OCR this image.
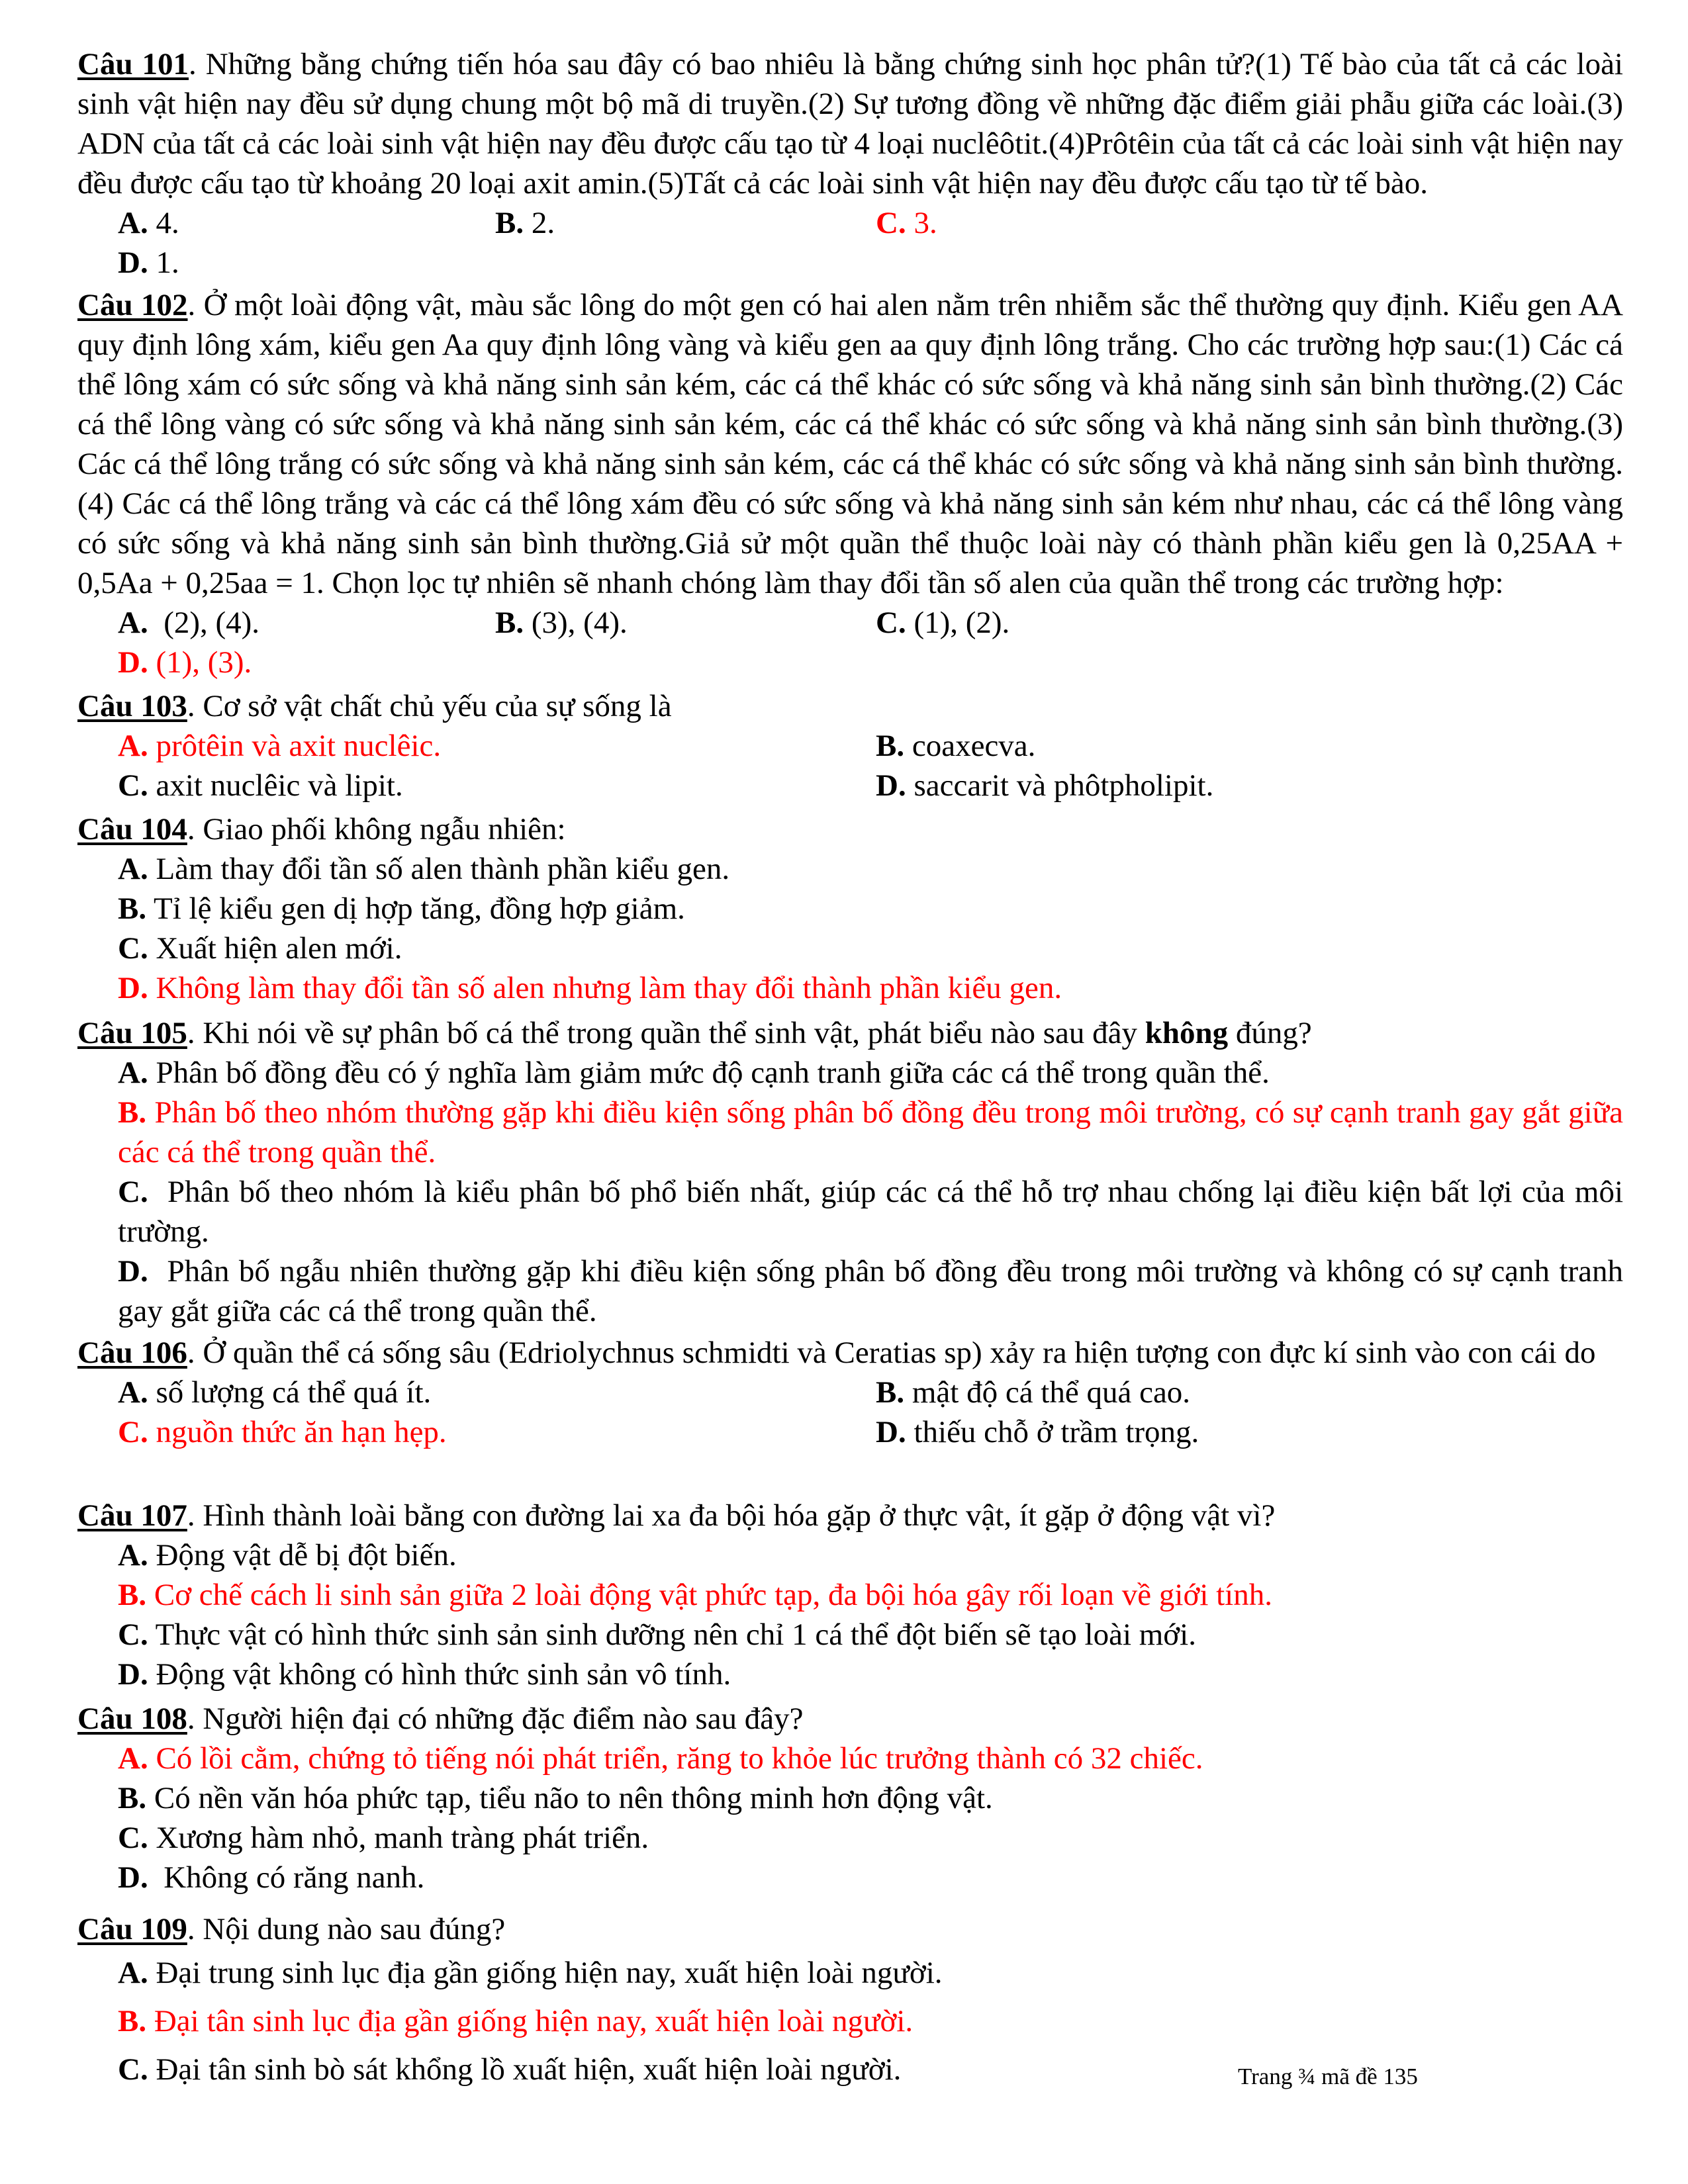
Câu 101. Những bằng chứng tiến hóa sau đây có bao nhiêu là bằng chứng sinh học phân tử?(1) Tế bào của tất cả các loài sinh vật hiện nay đều sử dụng chung một bộ mã di truyền.(2) Sự tương đồng về những đặc điểm giải phẫu giữa các loài.(3) ADN của tất cả các loài sinh vật hiện nay đều được cấu tạo từ 4 loại nuclêôtit.(4)Prôtêin của tất cả các loài sinh vật hiện nay đều được cấu tạo từ khoảng 20 loại axit amin.(5)Tất cả các loài sinh vật hiện nay đều được cấu tạo từ tế bào.
A. 4.	B. 2.	C. 3.
D. 1.
Câu 102. Ở một loài động vật, màu sắc lông do một gen có hai alen nằm trên nhiễm sắc thể thường quy định. Kiểu gen AA quy định lông xám, kiểu gen Aa quy định lông vàng và kiểu gen aa quy định lông trắng. Cho các trường hợp sau:(1) Các cá thể lông xám có sức sống và khả năng sinh sản kém, các cá thể khác có sức sống và khả năng sinh sản bình thường.(2) Các cá thể lông vàng có sức sống và khả năng sinh sản kém, các cá thể khác có sức sống và khả năng sinh sản bình thường.(3) Các cá thể lông trắng có sức sống và khả năng sinh sản kém, các cá thể khác có sức sống và khả năng sinh sản bình thường.(4) Các cá thể lông trắng và các cá thể lông xám đều có sức sống và khả năng sinh sản kém như nhau, các cá thể lông vàng có sức sống và khả năng sinh sản bình thường.Giả sử một quần thể thuộc loài này có thành phần kiểu gen là 0,25AA + 0,5Aa + 0,25aa = 1. Chọn lọc tự nhiên sẽ nhanh chóng làm thay đổi tần số alen của quần thể trong các trường hợp:
A.  (2), (4).	B. (3), (4).	C. (1), (2).
D. (1), (3).
Câu 103. Cơ sở vật chất chủ yếu của sự sống là
A. prôtêin và axit nuclêic.	B. coaxecva.
C. axit nuclêic và lipit.	D. saccarit và phôtpholipit.
Câu 104. Giao phối không ngẫu nhiên:
A. Làm thay đổi tần số alen thành phần kiểu gen.
B. Tỉ lệ kiểu gen dị hợp tăng, đồng hợp giảm.
C. Xuất hiện alen mới.
D. Không làm thay đổi tần số alen nhưng làm thay đổi thành phần kiểu gen.
Câu 105. Khi nói về sự phân bố cá thể trong quần thể sinh vật, phát biểu nào sau đây không đúng?
A. Phân bố đồng đều có ý nghĩa làm giảm mức độ cạnh tranh giữa các cá thể trong quần thể.
B. Phân bố theo nhóm thường gặp khi điều kiện sống phân bố đồng đều trong môi trường, có sự cạnh tranh gay gắt giữa các cá thể trong quần thể.
C.  Phân bố theo nhóm là kiểu phân bố phổ biến nhất, giúp các cá thể hỗ trợ nhau chống lại điều kiện bất lợi của môi trường.
D.  Phân bố ngẫu nhiên thường gặp khi điều kiện sống phân bố đồng đều trong môi trường và không có sự cạnh tranh gay gắt giữa các cá thể trong quần thể.
Câu 106. Ở quần thể cá sống sâu (Edriolychnus schmidti và Ceratias sp) xảy ra hiện tượng con đực kí sinh vào con cái do
A. số lượng cá thể quá ít.	B. mật độ cá thể quá cao.
C. nguồn thức ăn hạn hẹp.	D. thiếu chỗ ở trầm trọng.
Câu 107. Hình thành loài bằng con đường lai xa đa bội hóa gặp ở thực vật, ít gặp ở động vật vì?
A. Động vật dễ bị đột biến.
B. Cơ chế cách li sinh sản giữa 2 loài động vật phức tạp, đa bội hóa gây rối loạn về giới tính.
C. Thực vật có hình thức sinh sản sinh dưỡng nên chỉ 1 cá thể đột biến sẽ tạo loài mới.
D. Động vật không có hình thức sinh sản vô tính.
Câu 108. Người hiện đại có những đặc điểm nào sau đây?
A. Có lồi cằm, chứng tỏ tiếng nói phát triển, răng to khỏe lúc trưởng thành có 32 chiếc.
B. Có nền văn hóa phức tạp, tiểu não to nên thông minh hơn động vật.
C. Xương hàm nhỏ, manh tràng phát triển.
D.  Không có răng nanh.
Câu 109. Nội dung nào sau đúng?
A. Đại trung sinh lục địa gần giống hiện nay, xuất hiện loài người.
B. Đại tân sinh lục địa gần giống hiện nay, xuất hiện loài người.
C. Đại tân sinh bò sát khổng lồ xuất hiện, xuất hiện loài người.	Trang ¾ mã đề 135
